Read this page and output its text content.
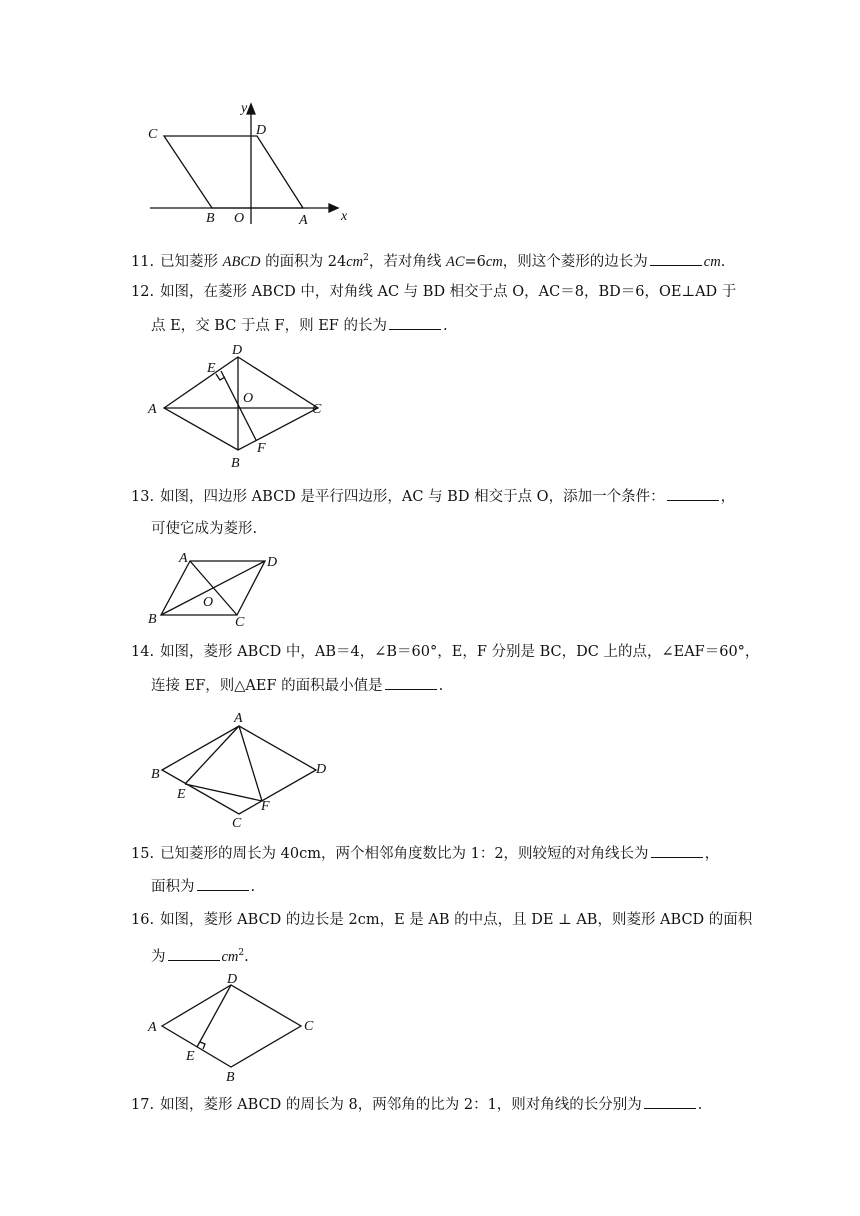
y
x
C	D
B O	A
11. 已知菱形 ABCD 的面积为 $24cm^2$，若对角线 AC=6cm，则这个菱形的边长为	cm.
12. 如图，在菱形 ABCD 中，对角线 AC 与 BD 相交于点 O，AC＝8，BD＝6，OE⊥AD 于
点 E，交 BC 于点 F，则 EF 的长为	.
D
E
O
A	C
F
B
13. 如图，四边形 ABCD 是平行四边形，AC 与 BD 相交于点 O，添加一个条件：	，
可使它成为菱形.
A	D
O
B	C
14. 如图，菱形 ABCD 中，AB＝4，∠B＝60°，E，F 分别是 BC，DC 上的点，∠EAF＝60°，
连接 EF，则△AEF 的面积最小值是	.
A
B	D
E
F
C
15. 已知菱形的周长为 40cm，两个相邻角度数比为 1：2，则较短的对角线长为	，
面积为	.
16. 如图，菱形 ABCD 的边长是 2cm，E 是 AB 的中点，且 DE ⊥ AB，则菱形 ABCD 的面积
为	$cm^2$.
D
A	C
E
B
17. 如图，菱形 ABCD 的周长为 8，两邻角的比为 2：1，则对角线的长分别为	.
